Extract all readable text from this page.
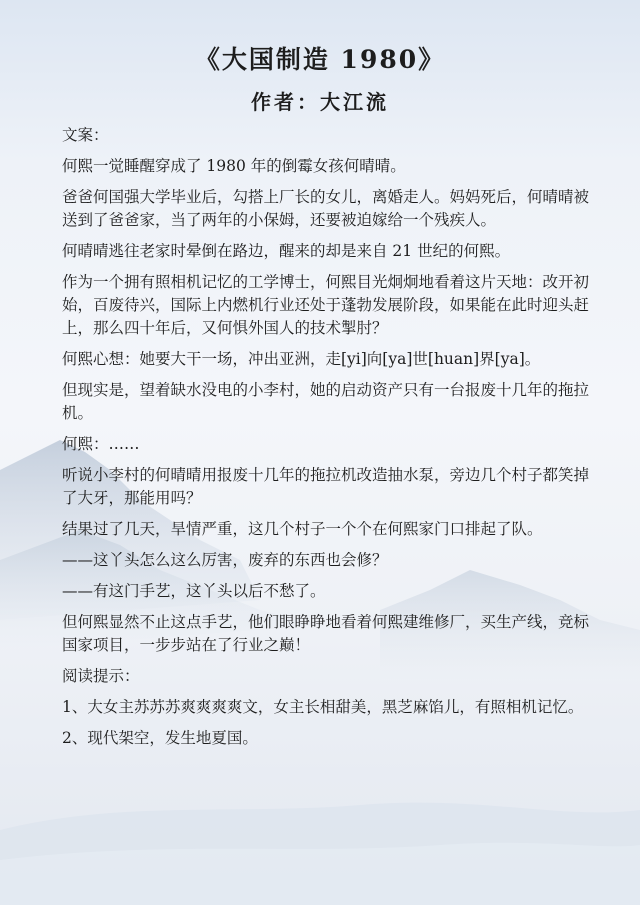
《大国制造 1980》
作者：大江流

文案：

何熙一觉睡醒穿成了 1980 年的倒霉女孩何晴晴。

爸爸何国强大学毕业后，勾搭上厂长的女儿，离婚走人。妈妈死后，何晴晴被送到了爸爸家，当了两年的小保姆，还要被迫嫁给一个残疾人。

何晴晴逃往老家时晕倒在路边，醒来的却是来自 21 世纪的何熙。

作为一个拥有照相机记忆的工学博士，何熙目光炯炯地看着这片天地：改开初始，百废待兴，国际上内燃机行业还处于蓬勃发展阶段，如果能在此时迎头赶上，那么四十年后，又何惧外国人的技术掣肘？

何熙心想：她要大干一场，冲出亚洲，走[yi]向[ya]世[huan]界[ya]。

但现实是，望着缺水没电的小李村，她的启动资产只有一台报废十几年的拖拉机。

何熙：……

听说小李村的何晴晴用报废十几年的拖拉机改造抽水泵，旁边几个村子都笑掉了大牙，那能用吗？

结果过了几天，旱情严重，这几个村子一个个在何熙家门口排起了队。

——这丫头怎么这么厉害，废弃的东西也会修？

——有这门手艺，这丫头以后不愁了。

但何熙显然不止这点手艺，他们眼睁睁地看着何熙建维修厂，买生产线，竞标国家项目，一步步站在了行业之巅！

阅读提示：

1、大女主苏苏苏爽爽爽爽文，女主长相甜美，黑芝麻馅儿，有照相机记忆。

2、现代架空，发生地夏国。
